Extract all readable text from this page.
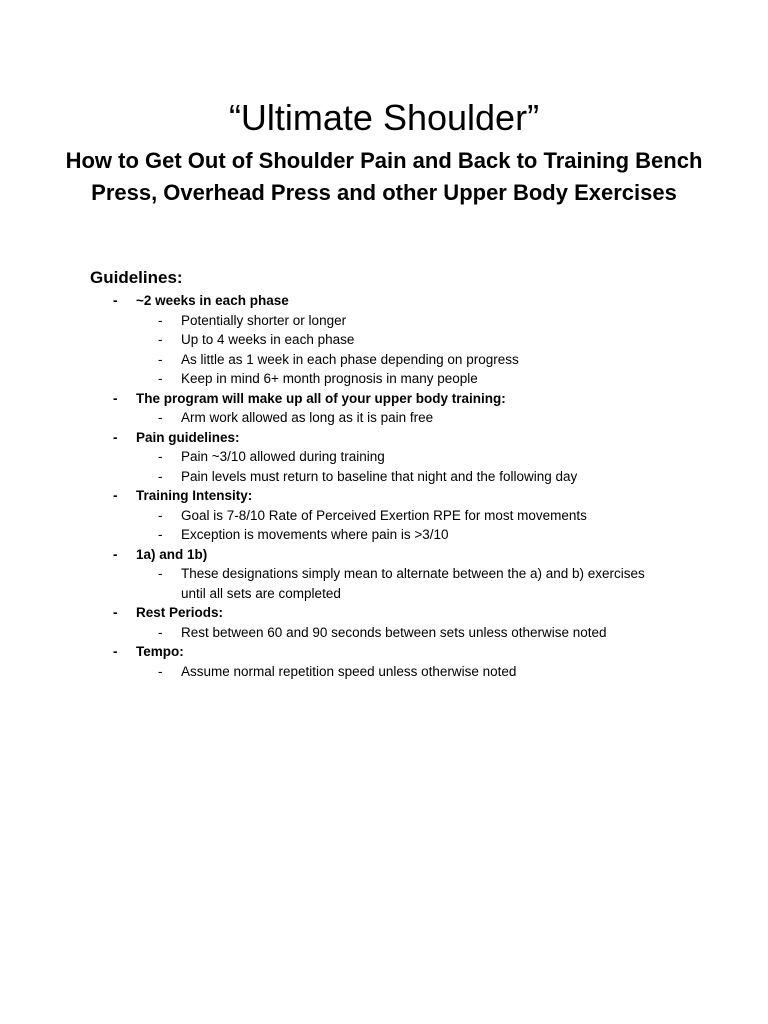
“Ultimate Shoulder”
How to Get Out of Shoulder Pain and Back to Training Bench Press, Overhead Press and other Upper Body Exercises
Guidelines:
- ~2 weeks in each phase
- Potentially shorter or longer
- Up to 4 weeks in each phase
- As little as 1 week in each phase depending on progress
- Keep in mind 6+ month prognosis in many people
- The program will make up all of your upper body training:
- Arm work allowed as long as it is pain free
- Pain guidelines:
- Pain ~3/10 allowed during training
- Pain levels must return to baseline that night and the following day
- Training Intensity:
- Goal is 7-8/10 Rate of Perceived Exertion RPE for most movements
- Exception is movements where pain is >3/10
- 1a) and 1b)
- These designations simply mean to alternate between the a) and b) exercises until all sets are completed
- Rest Periods:
- Rest between 60 and 90 seconds between sets unless otherwise noted
- Tempo:
- Assume normal repetition speed unless otherwise noted
